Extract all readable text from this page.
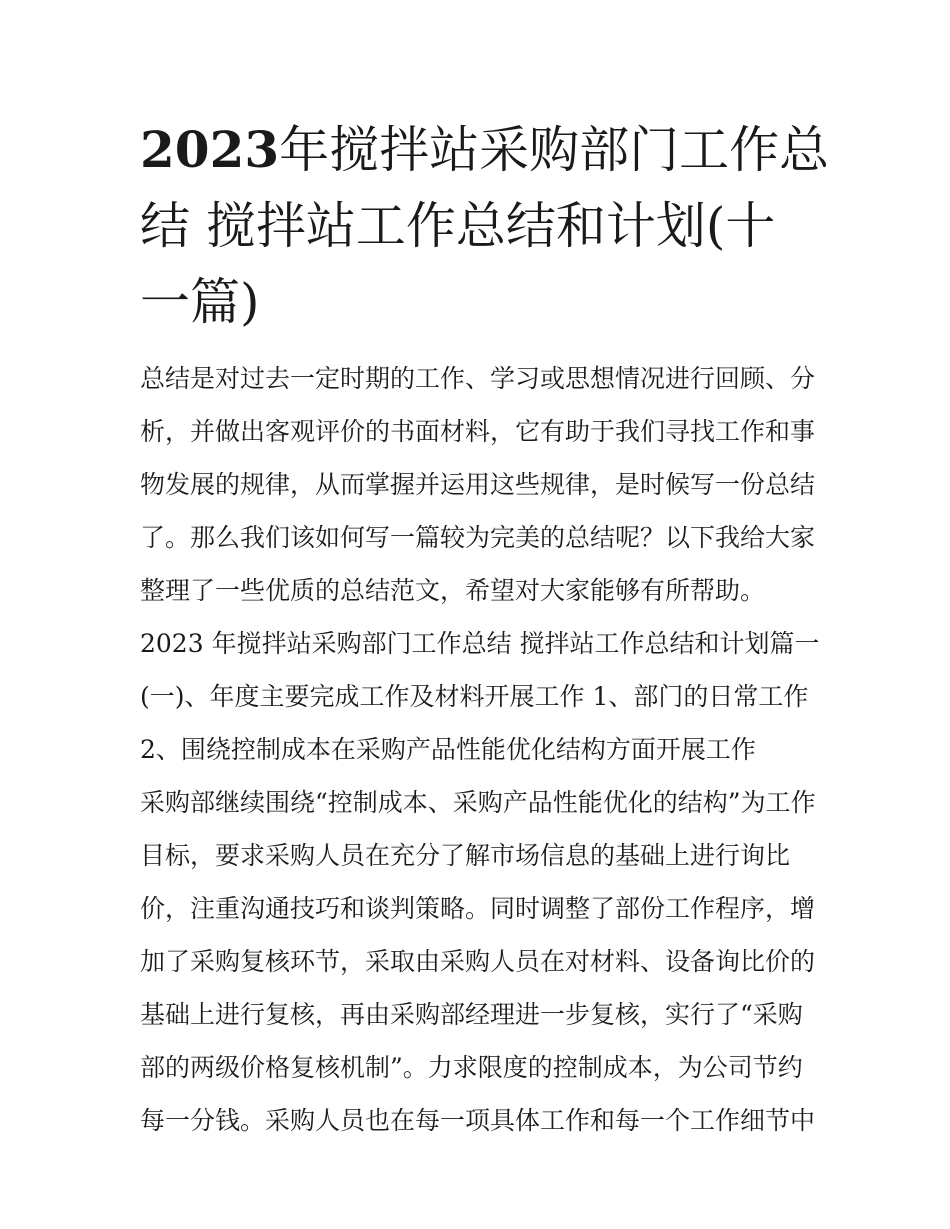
2023年搅拌站采购部门工作总
结 搅拌站工作总结和计划(十
一篇)
总结是对过去一定时期的工作、学习或思想情况进行回顾、分
析，并做出客观评价的书面材料，它有助于我们寻找工作和事
物发展的规律，从而掌握并运用这些规律，是时候写一份总结
了。那么我们该如何写一篇较为完美的总结呢？以下我给大家
整理了一些优质的总结范文，希望对大家能够有所帮助。
2023 年搅拌站采购部门工作总结 搅拌站工作总结和计划篇一
(一)、年度主要完成工作及材料开展工作 1、部门的日常工作
2、围绕控制成本在采购产品性能优化结构方面开展工作
采购部继续围绕“控制成本、采购产品性能优化的结构”为工作
目标，要求采购人员在充分了解市场信息的基础上进行询比
价，注重沟通技巧和谈判策略。同时调整了部份工作程序，增
加了采购复核环节，采取由采购人员在对材料、设备询比价的
基础上进行复核，再由采购部经理进一步复核，实行了“采购
部的两级价格复核机制”。力求限度的控制成本，为公司节约
每一分钱。采购人员也在每一项具体工作和每一个工作细节中
